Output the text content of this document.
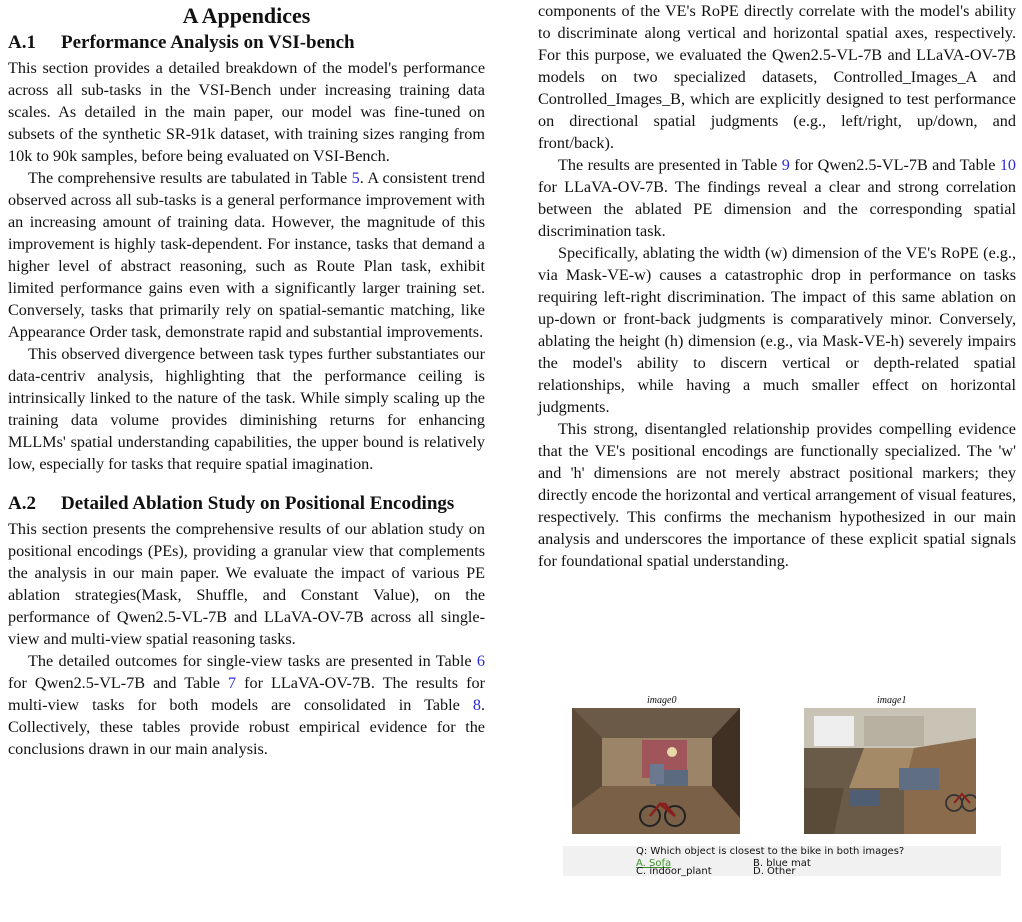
A Appendices
A.1	Performance Analysis on VSI-bench

This section provides a detailed breakdown of the model's performance across all sub-tasks in the VSI-Bench under increasing training data scales. As detailed in the main paper, our model was fine-tuned on subsets of the synthetic SR-91k dataset, with training sizes ranging from 10k to 90k samples, before being evaluated on VSI-Bench.

The comprehensive results are tabulated in Table 5. A consistent trend observed across all sub-tasks is a general performance improvement with an increasing amount of training data. However, the magnitude of this improvement is highly task-dependent. For instance, tasks that demand a higher level of abstract reasoning, such as Route Plan task, exhibit limited performance gains even with a significantly larger training set. Conversely, tasks that primarily rely on spatial-semantic matching, like Appearance Order task, demonstrate rapid and substantial improvements.

This observed divergence between task types further substantiates our data-centriv analysis, highlighting that the performance ceiling is intrinsically linked to the nature of the task. While simply scaling up the training data volume provides diminishing returns for enhancing MLLMs' spatial understanding capabilities, the upper bound is relatively low, especially for tasks that require spatial imagination.

A.2	Detailed Ablation Study on Positional Encodings

This section presents the comprehensive results of our ablation study on positional encodings (PEs), providing a granular view that complements the analysis in our main paper. We evaluate the impact of various PE ablation strategies(Mask, Shuffle, and Constant Value), on the performance of Qwen2.5-VL-7B and LLaVA-OV-7B across all single-view and multi-view spatial reasoning tasks.

The detailed outcomes for single-view tasks are presented in Table 6 for Qwen2.5-VL-7B and Table 7 for LLaVA-OV-7B. The results for multi-view tasks for both models are consolidated in Table 8. Collectively, these tables provide robust empirical evidence for the conclusions drawn in our main analysis.

components of the VE's RoPE directly correlate with the model's ability to discriminate along vertical and horizontal spatial axes, respectively. For this purpose, we evaluated the Qwen2.5-VL-7B and LLaVA-OV-7B models on two specialized datasets, Controlled_Images_A and Controlled_Images_B, which are explicitly designed to test performance on directional spatial judgments (e.g., left/right, up/down, and front/back).

The results are presented in Table 9 for Qwen2.5-VL-7B and Table 10 for LLaVA-OV-7B. The findings reveal a clear and strong correlation between the ablated PE dimension and the corresponding spatial discrimination task.

Specifically, ablating the width (w) dimension of the VE's RoPE (e.g., via Mask-VE-w) causes a catastrophic drop in performance on tasks requiring left-right discrimination. The impact of this same ablation on up-down or front-back judgments is comparatively minor. Conversely, ablating the height (h) dimension (e.g., via Mask-VE-h) severely impairs the model's ability to discern vertical or depth-related spatial relationships, while having a much smaller effect on horizontal judgments.

This strong, disentangled relationship provides compelling evidence that the VE's positional encodings are functionally specialized. The 'w' and 'h' dimensions are not merely abstract positional markers; they directly encode the horizontal and vertical arrangement of visual features, respectively. This confirms the mechanism hypothesized in our main analysis and underscores the importance of these explicit spatial signals for foundational spatial understanding.

image0	image1
Q: Which object is closest to the bike in both images?
A. Sofa	B. blue mat
C. indoor_plant	D. Other
